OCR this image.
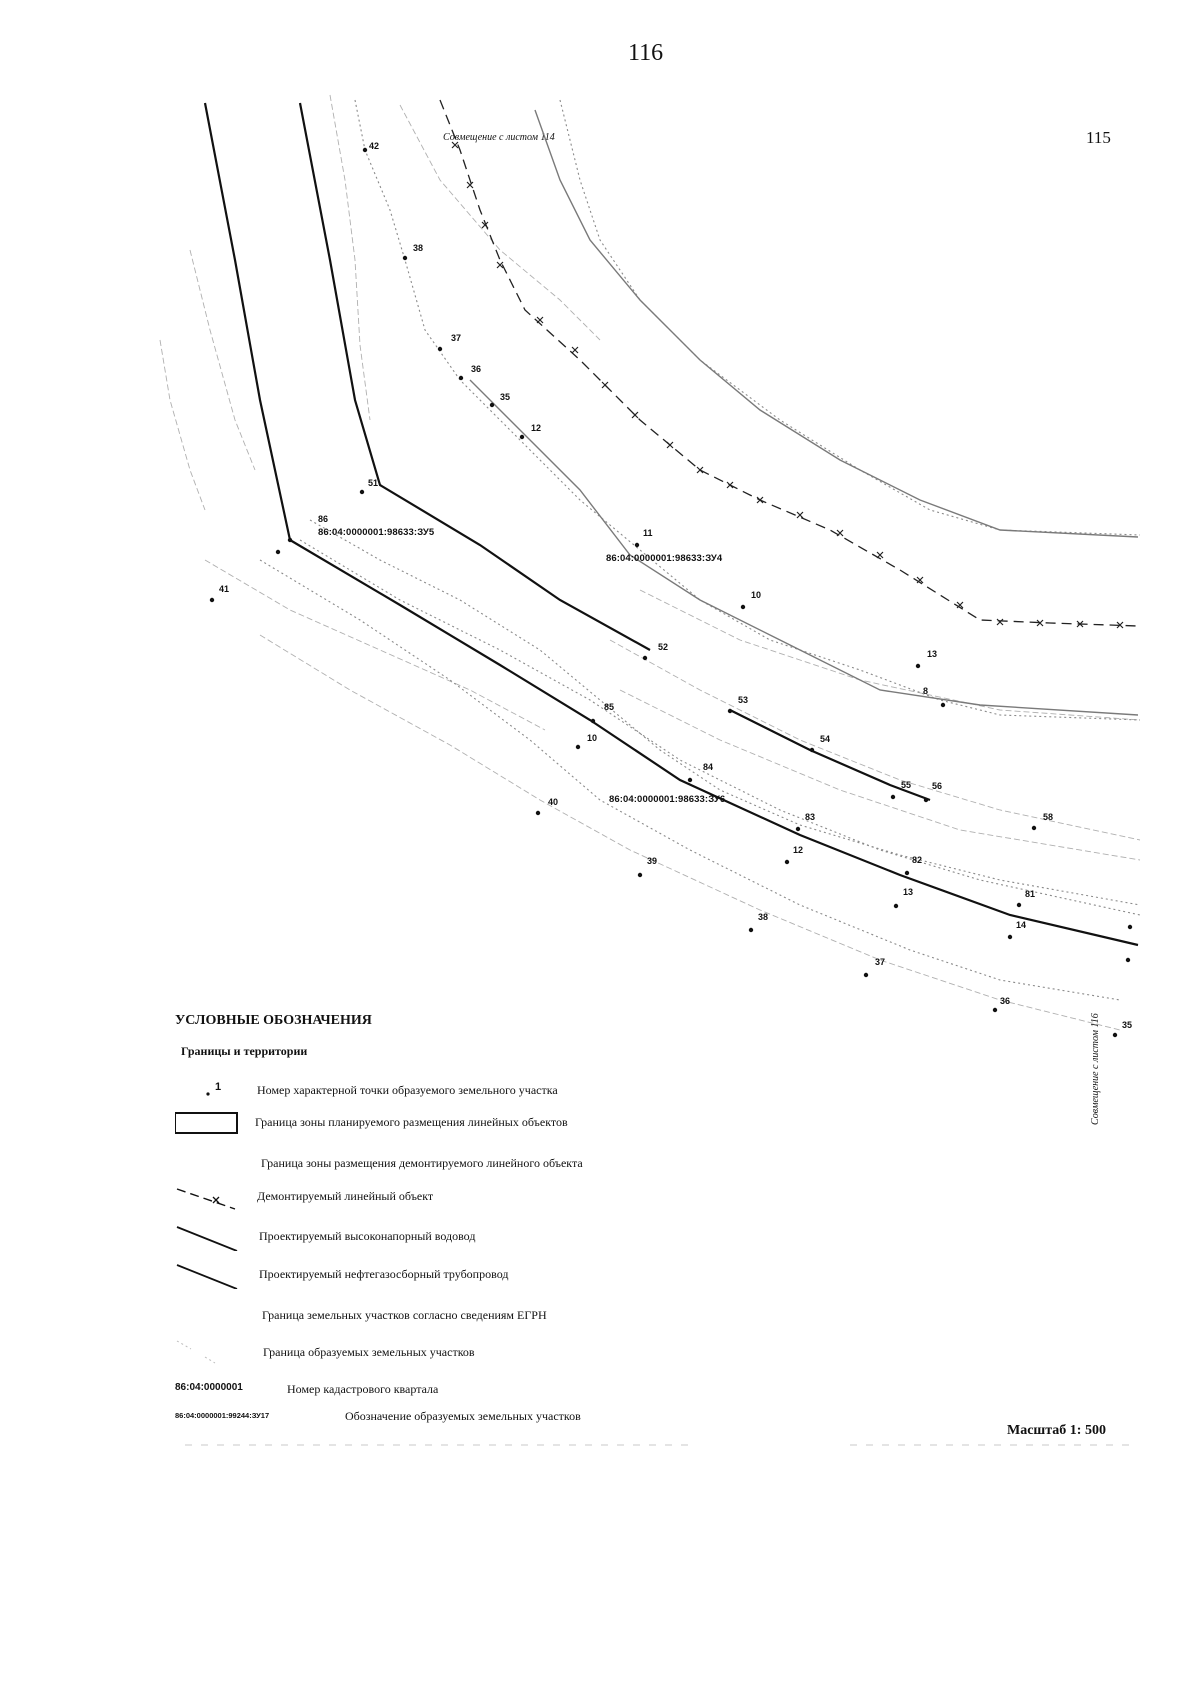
116
115
Совмещение с листом 114
Совмещение с листом 116
86:04:0000001:98633:ЗУ5
86:04:0000001:98633:ЗУ4
86:04:0000001:98633:ЗУ6
42
38
37
36
35
12
51
86
11
41
10
52
13
8
85
53
10	54
84
55 56
40
83	58
12
39	82
13	81
14
38
37
36
35
УСЛОВНЫЕ ОБОЗНАЧЕНИЯ
Границы и территории
1	Номер характерной точки образуемого земельного участка
Граница зоны планируемого размещения линейных объектов
Граница зоны размещения демонтируемого линейного объекта
Демонтируемый линейный объект
Проектируемый высоконапорный водовод
Проектируемый нефтегазосборный трубопровод
Граница земельных участков согласно сведениям ЕГРН
Граница образуемых земельных участков
86:04:0000001	Номер кадастрового квартала
86:04:0000001:99244:ЗУ17	Обозначение образуемых земельных участков
Масштаб 1: 500
